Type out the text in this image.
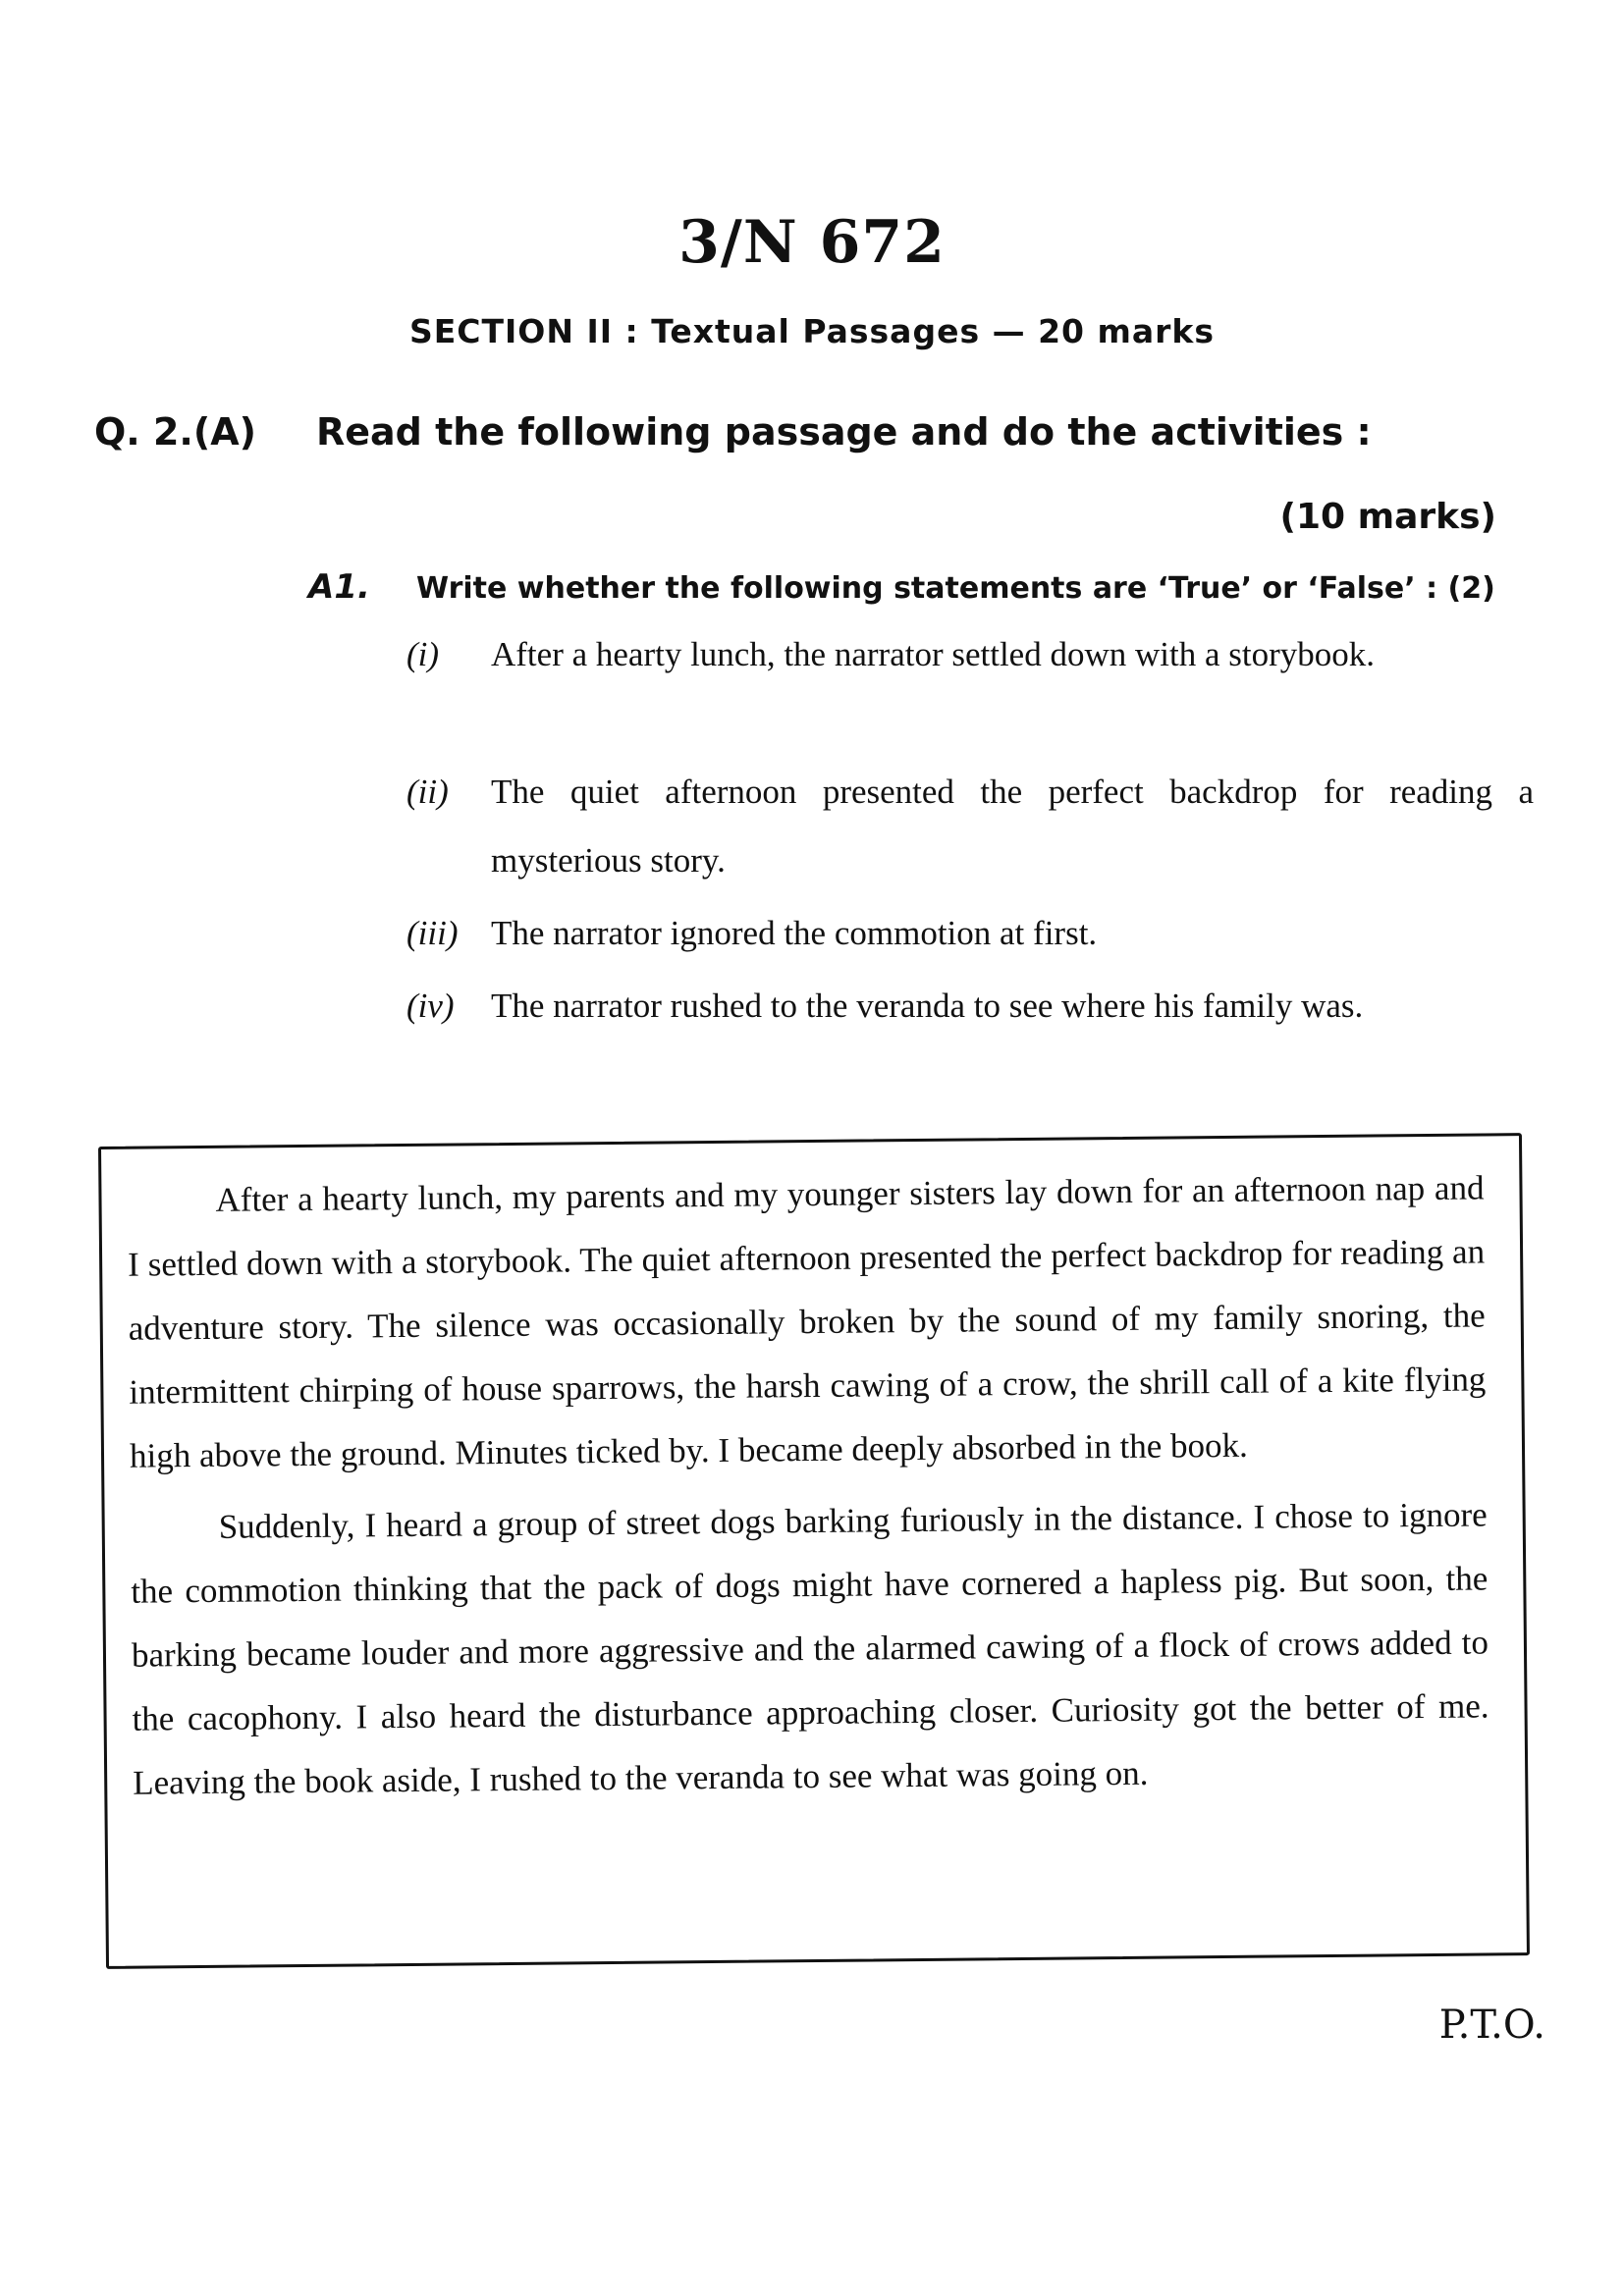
3/N 672
SECTION II : Textual Passages — 20 marks
Q. 2.(A) Read the following passage and do the activities :
(10 marks)
A1. Write whether the following statements are ‘True’ or ‘False’ : (2)
(i) After a hearty lunch, the narrator settled down with a storybook.
(ii) The quiet afternoon presented the perfect backdrop for reading a mysterious story.
(iii) The narrator ignored the commotion at first.
(iv) The narrator rushed to the veranda to see where his family was.

After a hearty lunch, my parents and my younger sisters lay down for an afternoon nap and I settled down with a storybook. The quiet afternoon presented the perfect backdrop for reading an adventure story. The silence was occasionally broken by the sound of my family snoring, the intermittent chirping of house sparrows, the harsh cawing of a crow, the shrill call of a kite flying high above the ground. Minutes ticked by. I became deeply absorbed in the book.

Suddenly, I heard a group of street dogs barking furiously in the distance. I chose to ignore the commotion thinking that the pack of dogs might have cornered a hapless pig. But soon, the barking became louder and more aggressive and the alarmed cawing of a flock of crows added to the cacophony. I also heard the disturbance approaching closer. Curiosity got the better of me. Leaving the book aside, I rushed to the veranda to see what was going on.

P.T.O.
